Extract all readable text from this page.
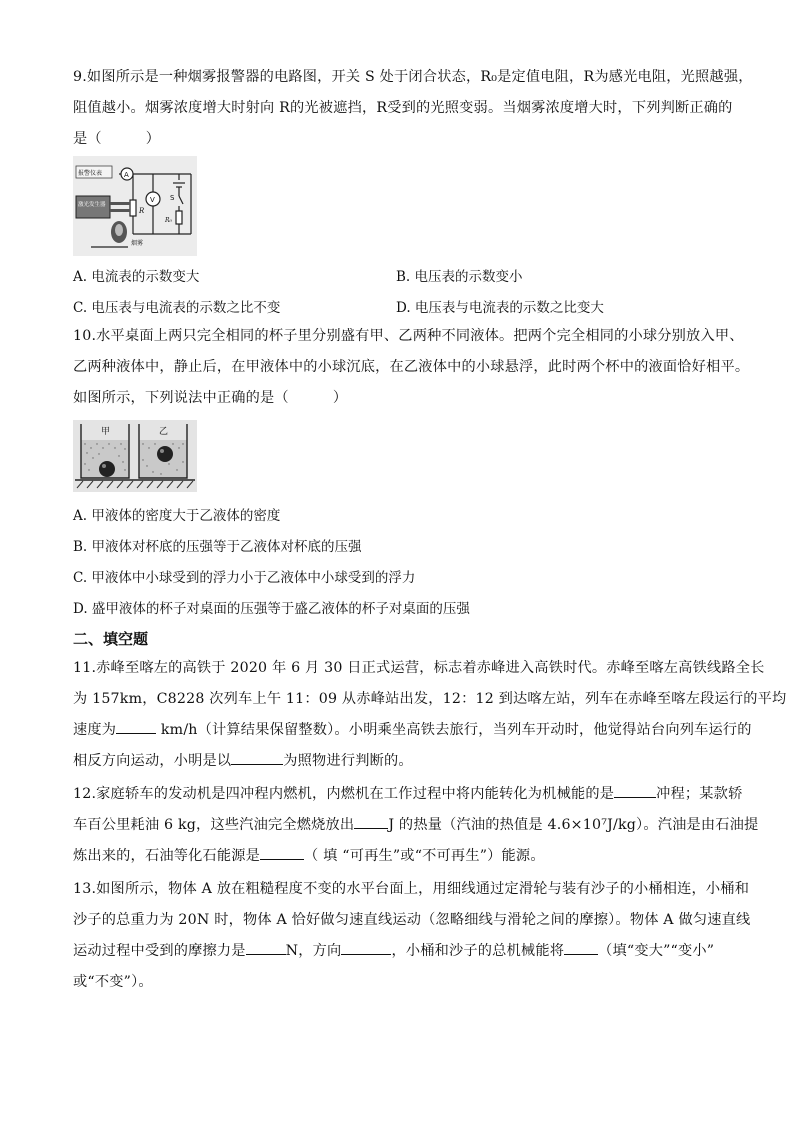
9.如图所示是一种烟雾报警器的电路图，开关 S 处于闭合状态，R₀是定值电阻，R为感光电阻，光照越强，
阻值越小。烟雾浓度增大时射向 R的光被遮挡，R受到的光照变弱。当烟雾浓度增大时，下列判断正确的
是（	）
报警仪表	A
V S
R
R₀
激光发生器
烟雾
A. 电流表的示数变大	B. 电压表的示数变小
C. 电压表与电流表的示数之比不变	D. 电压表与电流表的示数之比变大
10.水平桌面上两只完全相同的杯子里分别盛有甲、乙两种不同液体。把两个完全相同的小球分别放入甲、
乙两种液体中，静止后，在甲液体中的小球沉底，在乙液体中的小球悬浮，此时两个杯中的液面恰好相平。
如图所示，下列说法中正确的是（	）
甲	乙
A. 甲液体的密度大于乙液体的密度
B. 甲液体对杯底的压强等于乙液体对杯底的压强
C. 甲液体中小球受到的浮力小于乙液体中小球受到的浮力
D. 盛甲液体的杯子对桌面的压强等于盛乙液体的杯子对桌面的压强
二、填空题
11.赤峰至喀左的高铁于 2020 年 6 月 30 日正式运营，标志着赤峰进入高铁时代。赤峰至喀左高铁线路全长
为 157km，C8228 次列车上午 11：09 从赤峰站出发，12：12 到达喀左站，列车在赤峰至喀左段运行的平均
速度为	km/h（计算结果保留整数）。小明乘坐高铁去旅行，当列车开动时，他觉得站台向列车运行的
相反方向运动，小明是以	为照物进行判断的。
12.家庭轿车的发动机是四冲程内燃机，内燃机在工作过程中将内能转化为机械能的是	冲程；某款轿
车百公里耗油 6 kg，这些汽油完全燃烧放出 J 的热量（汽油的热值是 4.6×10⁷J/kg）。汽油是由石油提
炼出来的，石油等化石能源是	（ 填 “可再生”或“不可再生”）能源。
13.如图所示，物体 A 放在粗糙程度不变的水平台面上，用细线通过定滑轮与装有沙子的小桶相连，小桶和
沙子的总重力为 20N 时，物体 A 恰好做匀速直线运动（忽略细线与滑轮之间的摩擦）。物体 A 做匀速直线
运动过程中受到的摩擦力是	N，方向	，小桶和沙子的总机械能将 （填“变大”“变小”
或“不变”）。
